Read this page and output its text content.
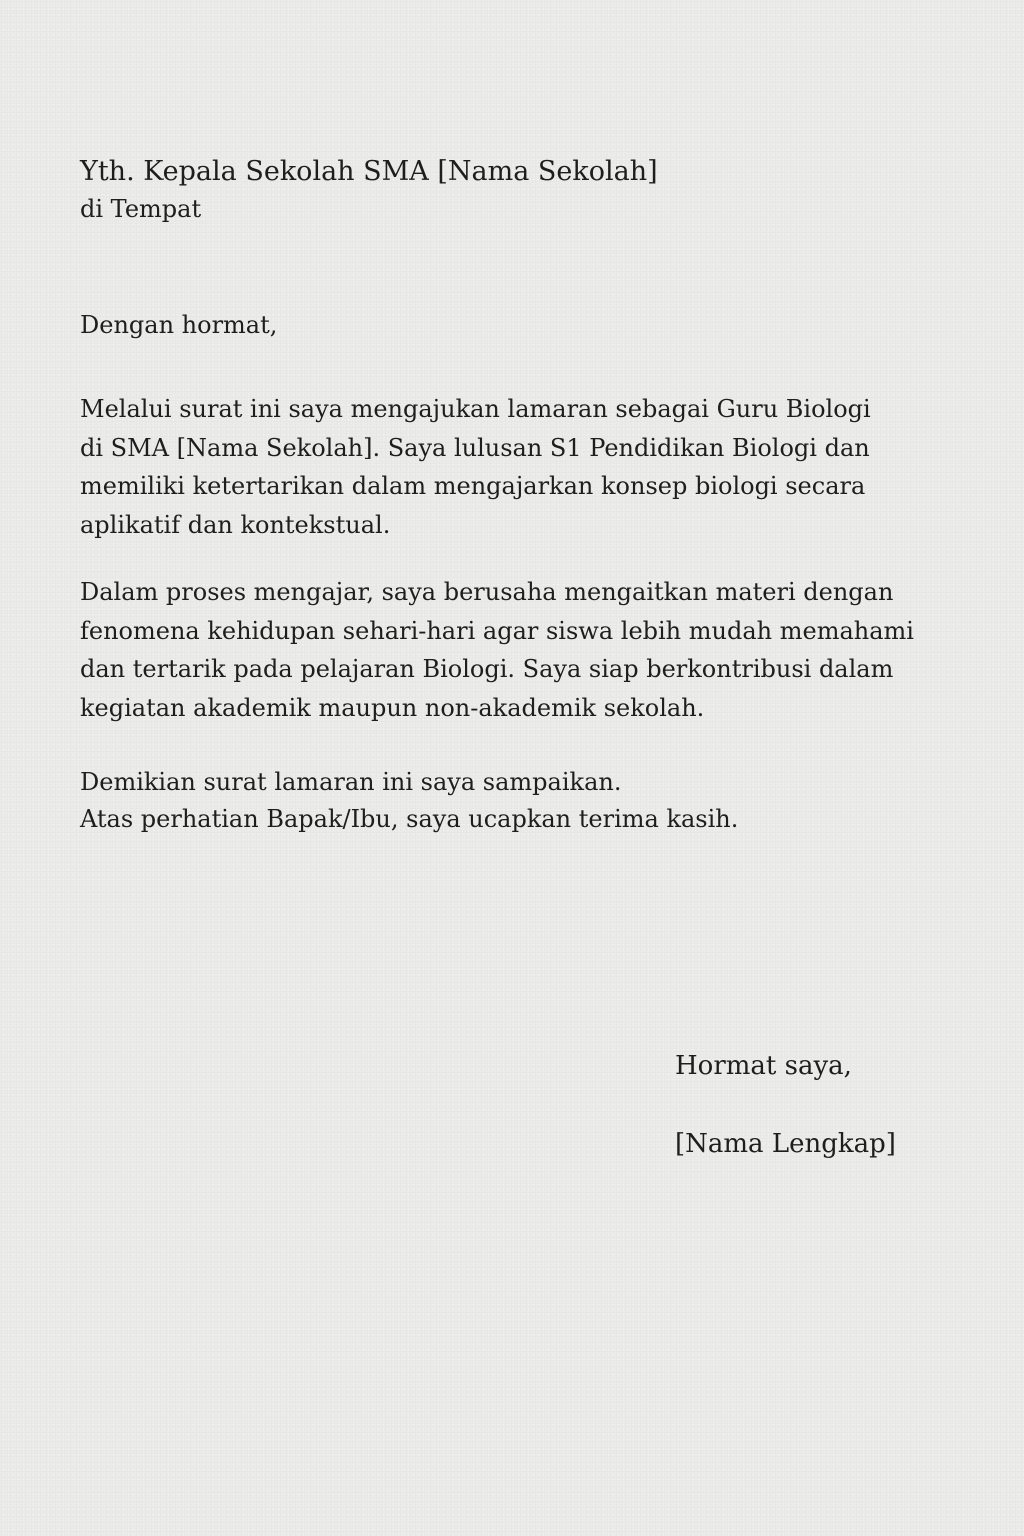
Yth. Kepala Sekolah SMA [Nama Sekolah]
di Tempat
Dengan hormat,
Melalui surat ini saya mengajukan lamaran sebagai Guru Biologi
di SMA [Nama Sekolah]. Saya lulusan S1 Pendidikan Biologi dan
memiliki ketertarikan dalam mengajarkan konsep biologi secara
aplikatif dan kontekstual.
Dalam proses mengajar, saya berusaha mengaitkan materi dengan
fenomena kehidupan sehari-hari agar siswa lebih mudah memahami
dan tertarik pada pelajaran Biologi. Saya siap berkontribusi dalam
kegiatan akademik maupun non-akademik sekolah.
Demikian surat lamaran ini saya sampaikan.
Atas perhatian Bapak/Ibu, saya ucapkan terima kasih.
Hormat saya,
[Nama Lengkap]
